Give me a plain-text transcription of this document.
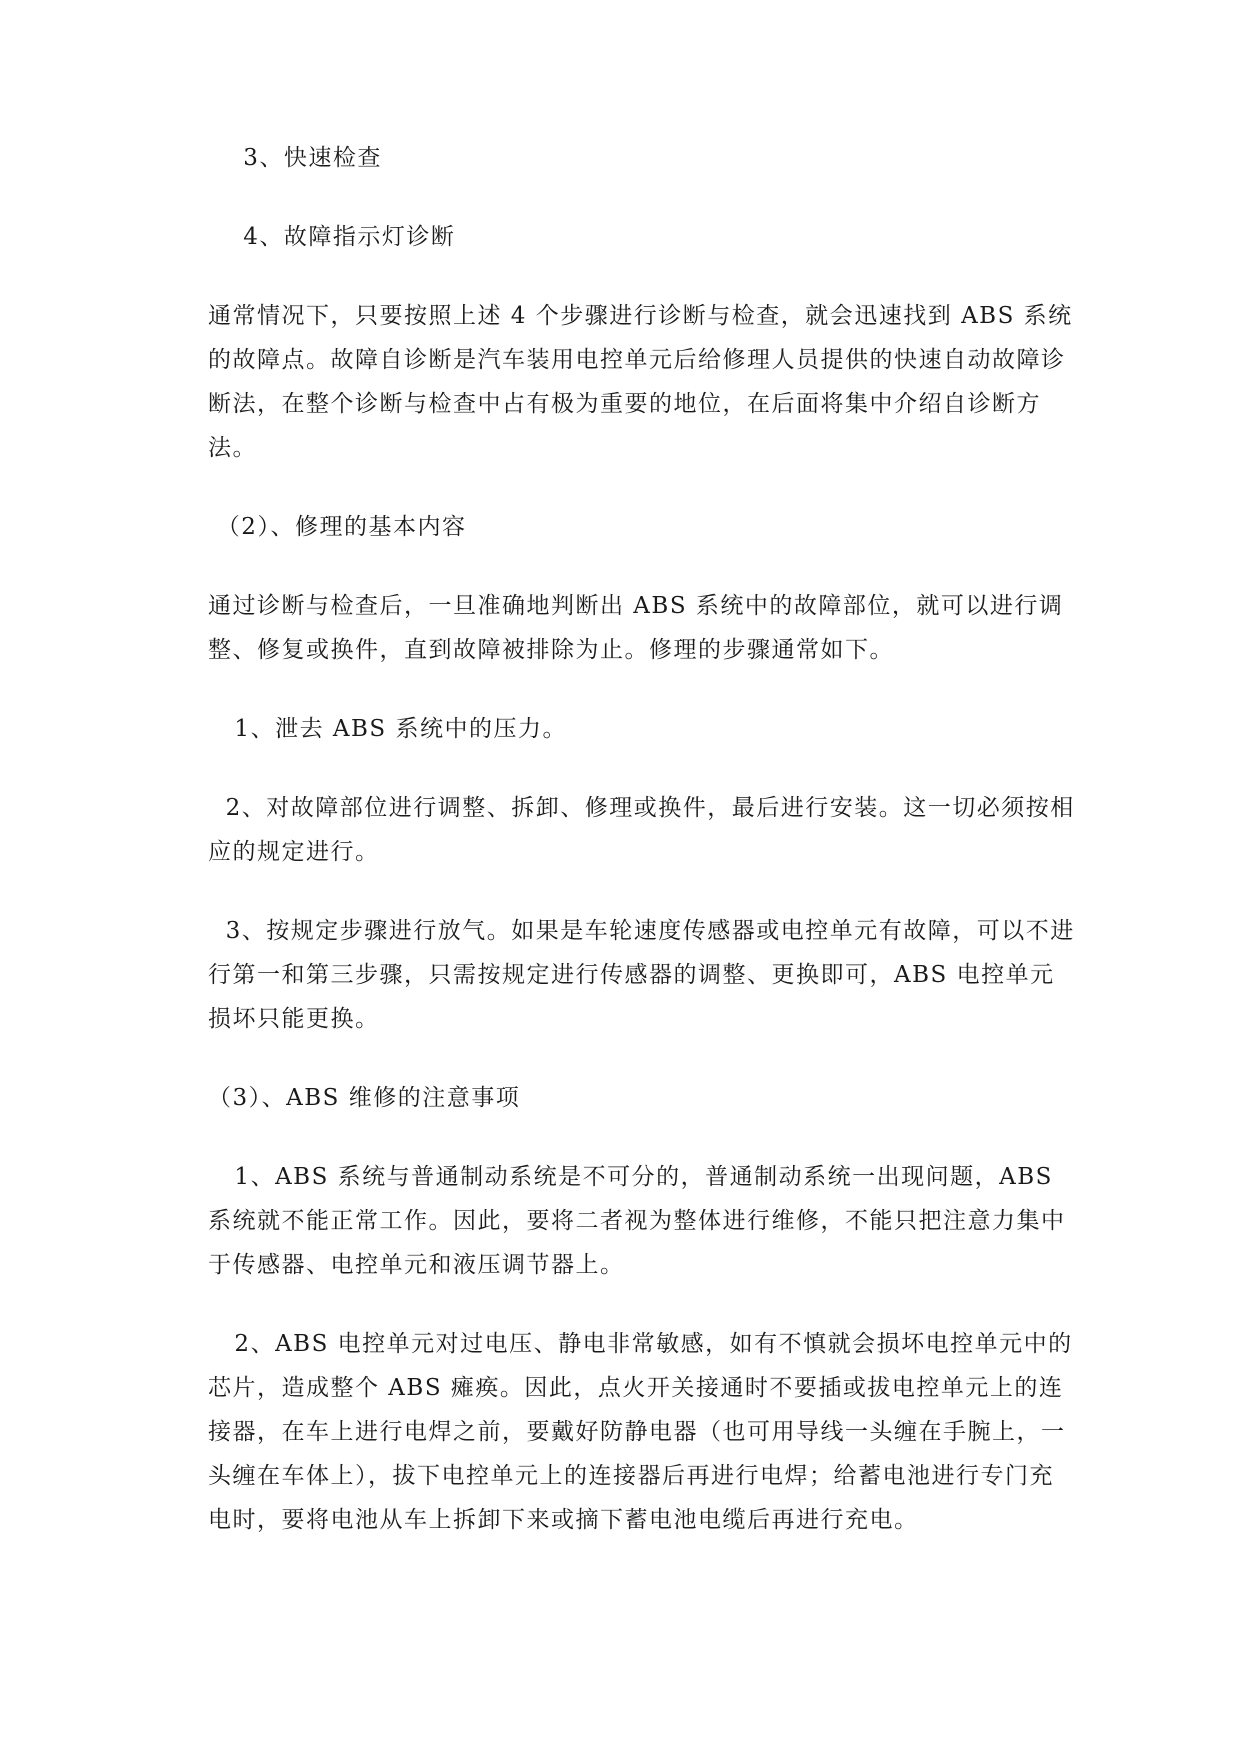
3、快速检查

4、故障指示灯诊断

通常情况下，只要按照上述 4 个步骤进行诊断与检查，就会迅速找到 ABS 系统的故障点。故障自诊断是汽车装用电控单元后给修理人员提供的快速自动故障诊断法，在整个诊断与检查中占有极为重要的地位，在后面将集中介绍自诊断方法。

（2）、修理的基本内容

通过诊断与检查后，一旦准确地判断出 ABS 系统中的故障部位，就可以进行调整、修复或换件，直到故障被排除为止。修理的步骤通常如下。

1、泄去 ABS 系统中的压力。

2、对故障部位进行调整、拆卸、修理或换件，最后进行安装。这一切必须按相应的规定进行。

3、按规定步骤进行放气。如果是车轮速度传感器或电控单元有故障，可以不进行第一和第三步骤，只需按规定进行传感器的调整、更换即可，ABS 电控单元损坏只能更换。

（3）、ABS 维修的注意事项

1、ABS 系统与普通制动系统是不可分的，普通制动系统一出现问题，ABS 系统就不能正常工作。因此，要将二者视为整体进行维修，不能只把注意力集中于传感器、电控单元和液压调节器上。

2、ABS 电控单元对过电压、静电非常敏感，如有不慎就会损坏电控单元中的芯片，造成整个 ABS 瘫痪。因此，点火开关接通时不要插或拔电控单元上的连接器，在车上进行电焊之前，要戴好防静电器（也可用导线一头缠在手腕上，一头缠在车体上），拔下电控单元上的连接器后再进行电焊；给蓄电池进行专门充电时，要将电池从车上拆卸下来或摘下蓄电池电缆后再进行充电。
